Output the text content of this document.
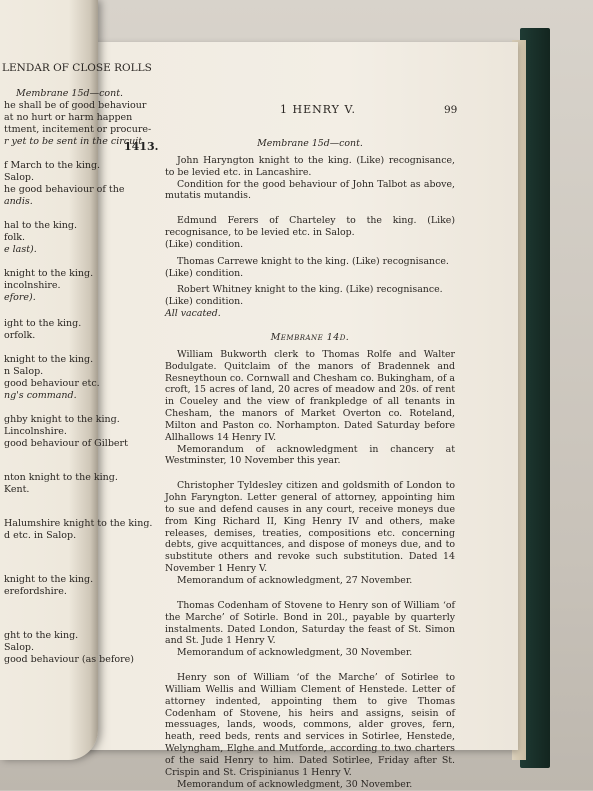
1 HENRY V.	99
1413.	Membrane 15d—cont.

John Haryngton knight to the king. (Like) recognisance, to be levied etc. in Lancashire.

Condition for the good behaviour of John Talbot as above, mutatis mutandis.

Edmund Ferers of Charteley to the king. (Like) recognisance, to be levied etc. in Salop.

(Like) condition.

Thomas Carrewe knight to the king. (Like) recognisance.

(Like) condition.

Robert Whitney knight to the king. (Like) recognisance.

(Like) condition.

All vacated.

Membrane 14d.

William Bukworth clerk to Thomas Rolfe and Walter Bodulgate. Quitclaim of the manors of Bradennek and Resneythoun co. Cornwall and Chesham co. Bukingham, of a croft, 15 acres of land, 20 acres of meadow and 20s. of rent in Coueley and the view of frankpledge of all tenants in Chesham, the manors of Market Overton co. Roteland, Milton and Paston co. Norhampton. Dated Saturday before Allhallows 14 Henry IV.

Memorandum of acknowledgment in chancery at Westminster, 10 November this year.

Christopher Tyldesley citizen and goldsmith of London to John Faryngton. Letter general of attorney, appointing him to sue and defend causes in any court, receive moneys due from King Richard II, King Henry IV and others, make releases, demises, treaties, compositions etc. concerning debts, give acquittances, and dispose of moneys due, and to substitute others and revoke such substitution. Dated 14 November 1 Henry V.

Memorandum of acknowledgment, 27 November.

Thomas Codenham of Stovene to Henry son of William ‘of the Marche’ of Sotirle. Bond in 20l., payable by quarterly instalments. Dated London, Saturday the feast of St. Simon and St. Jude 1 Henry V.

Memorandum of acknowledgment, 30 November.

Henry son of William ‘of the Marche’ of Sotirlee to William Wellis and William Clement of Henstede. Letter of attorney indented, appointing them to give Thomas Codenham of Stovene, his heirs and assigns, seisin of messuages, lands, woods, commons, alder groves, fern, heath, reed beds, rents and services in Sotirlee, Henstede, Welyngham, Elghe and Mutforde, according to two charters of the said Henry to him. Dated Sotirlee, Friday after St. Crispin and St. Crispinianus 1 Henry V.

Memorandum of acknowledgment, 30 November.

LENDAR OF CLOSE ROLLS
Membrane 15d—cont.
he shall be of good behaviour
at no hurt or harm happen
ttment, incitement or procure-
r yet to be sent in the circuit
f March to the king.
Salop.
he good behaviour of the
andis.
hal to the king.
folk.
e last).
knight to the king.
incolnshire.
efore).
ight to the king.
orfolk.
knight to the king.
n Salop.
good behaviour etc.
ng's command.
ghby knight to the king.
Lincolnshire.
good behaviour of Gilbert
nton knight to the king.
Kent.
Halumshire knight to the king.
d etc. in Salop.
knight to the king.
erefordshire.
ght to the king.
Salop.
good behaviour (as before)
